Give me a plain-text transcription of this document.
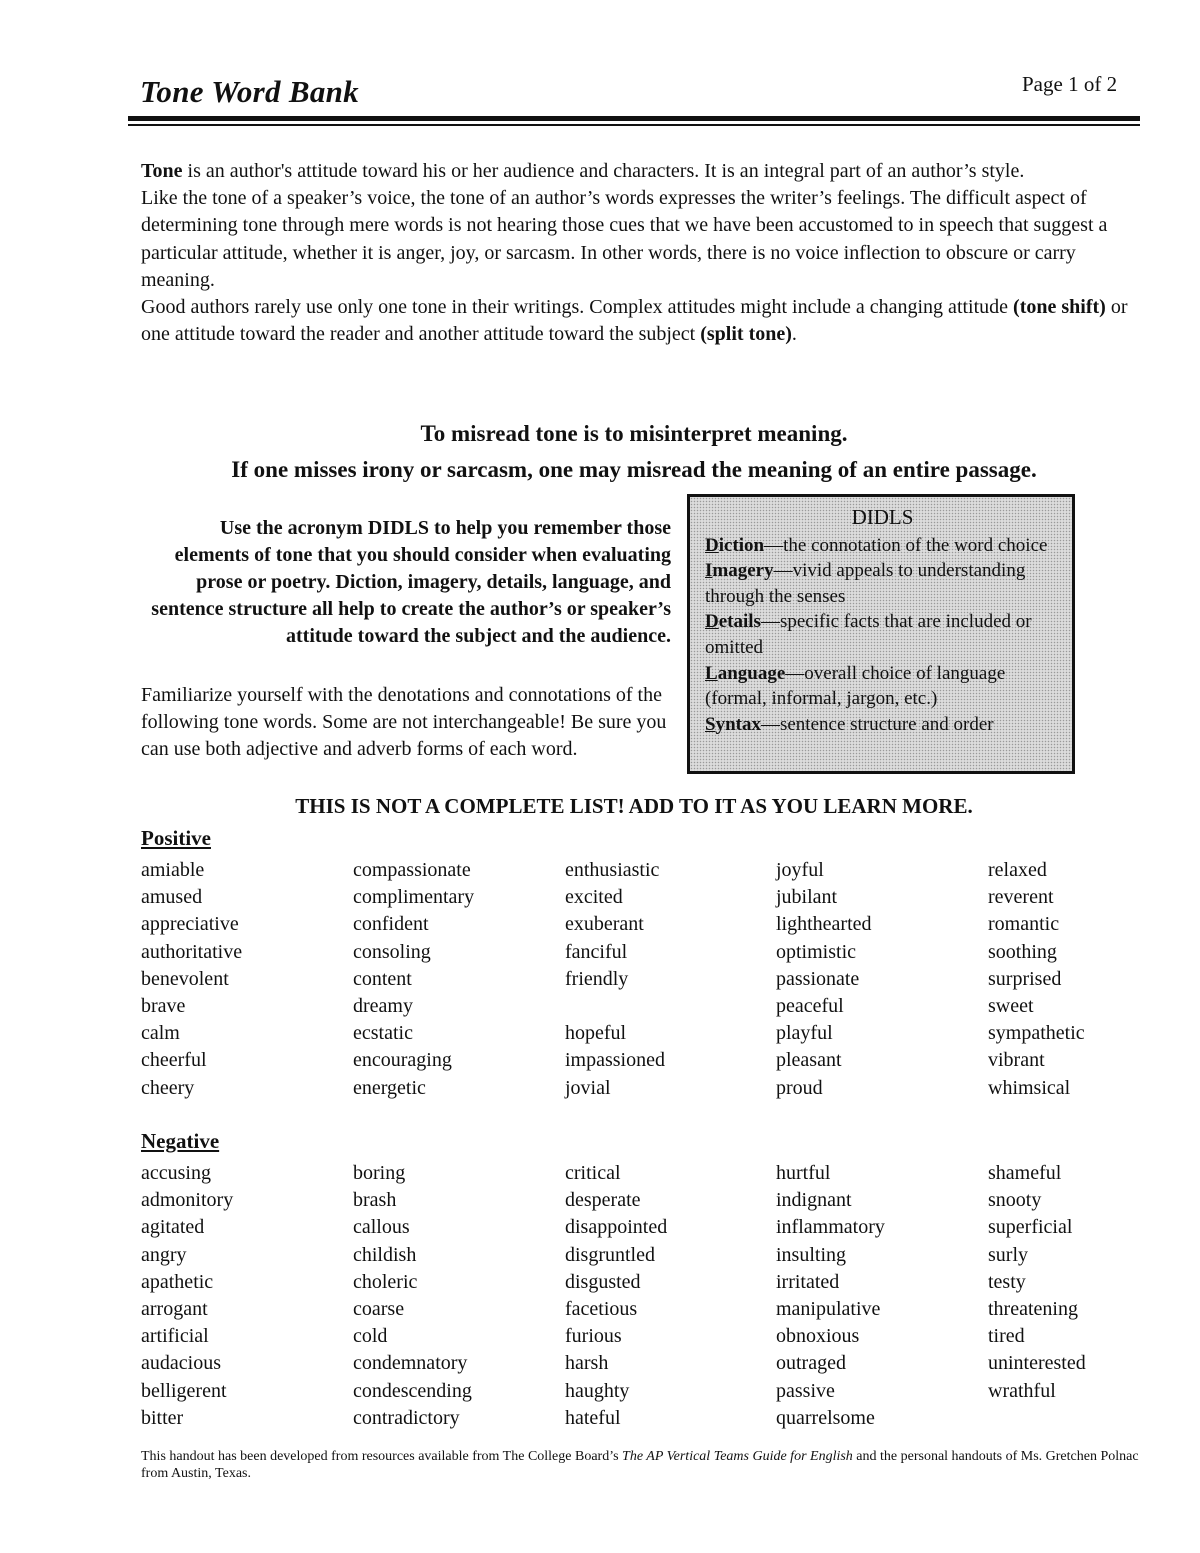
Tone Word Bank	Page 1 of 2

Tone is an author's attitude toward his or her audience and characters. It is an integral part of an author’s style.

Like the tone of a speaker’s voice, the tone of an author’s words expresses the writer’s feelings. The difficult aspect of determining tone through mere words is not hearing those cues that we have been accustomed to in speech that suggest a particular attitude, whether it is anger, joy, or sarcasm. In other words, there is no voice inflection to obscure or carry meaning.

Good authors rarely use only one tone in their writings. Complex attitudes might include a changing attitude (tone shift) or one attitude toward the reader and another attitude toward the subject (split tone).

To misread tone is to misinterpret meaning.
If one misses irony or sarcasm, one may misread the meaning of an entire passage.
Use the acronym DIDLS to help you remember those elements of tone that you should consider when evaluating prose or poetry. Diction, imagery, details, language, and sentence structure all help to create the author’s or speaker’s attitude toward the subject and the audience.
Familiarize yourself with the denotations and connotations of the following tone words. Some are not interchangeable! Be sure you can use both adjective and adverb forms of each word.
DIDLS
Diction—the connotation of the word choice
Imagery—vivid appeals to understanding through the senses
Details—specific facts that are included or omitted
Language—overall choice of language (formal, informal, jargon, etc.)
Syntax—sentence structure and order
THIS IS NOT A COMPLETE LIST! ADD TO IT AS YOU LEARN MORE.
Positive
amiable
amused
appreciative
authoritative
benevolent
brave
calm
cheerful
cheery
compassionate
complimentary
confident
consoling
content
dreamy
ecstatic
encouraging
energetic
enthusiastic
excited
exuberant
fanciful
friendly
hopeful
impassioned
jovial
joyful
jubilant
lighthearted
optimistic
passionate
peaceful
playful
pleasant
proud
relaxed
reverent
romantic
soothing
surprised
sweet
sympathetic
vibrant
whimsical
Negative
accusing
admonitory
agitated
angry
apathetic
arrogant
artificial
audacious
belligerent
bitter
boring
brash
callous
childish
choleric
coarse
cold
condemnatory
condescending
contradictory
critical
desperate
disappointed
disgruntled
disgusted
facetious
furious
harsh
haughty
hateful
hurtful
indignant
inflammatory
insulting
irritated
manipulative
obnoxious
outraged
passive
quarrelsome
shameful
snooty
superficial
surly
testy
threatening
tired
uninterested
wrathful
This handout has been developed from resources available from The College Board’s The AP Vertical Teams Guide for English and the personal handouts of Ms. Gretchen Polnac from Austin, Texas.
